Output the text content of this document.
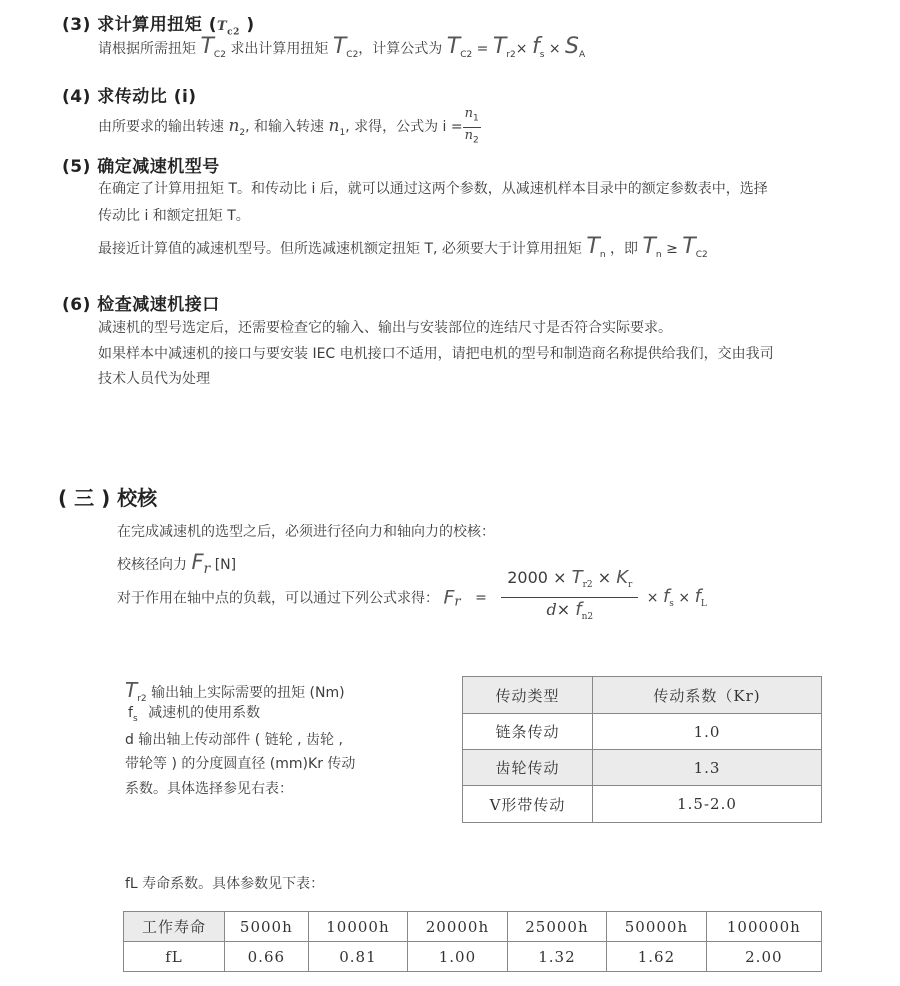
(3) 求计算用扭矩 ($T_{c2}$ )
请根据所需扭矩 $T_{C2}$ 求出计算用扭矩 $T_{C2}$，计算公式为 $T_{C2} = T_{r2}\times f_s \times S_A$
(4) 求传动比 (i)
由所要求的输出转速 $n_2$, 和输入转速 $n_1$, 求得，公式为 $i = \frac{n_1}{n_2}$
(5) 确定减速机型号
在确定了计算用扭矩 T。和传动比 i 后，就可以通过这两个参数，从减速机样本目录中的额定参数表中，选择
传动比 i 和额定扭矩 T。
最接近计算值的减速机型号。但所选减速机额定扭矩 T, 必须要大于计算用扭矩 $T_n$ ，即 $T_n \ge T_{C2}$
(6) 检查减速机接口
减速机的型号选定后，还需要检查它的输入、输出与安装部位的连结尺寸是否符合实际要求。
如果样本中减速机的接口与要安装 IEC 电机接口不适用，请把电机的型号和制造商名称提供给我们，交由我司
技术人员代为处理
( 三 ) 校核
在完成减速机的选型之后，必须进行径向力和轴向力的校核：
校核径向力 $F_r$ [N]
对于作用在轴中点的负载，可以通过下列公式求得： $F_r = \frac{2000 \times T_{r2} \times K_r}{d\times f_{n2}} \times f_s \times f_L$
$T_{r2}$ 输出轴上实际需要的扭矩 (Nm)
$f_s$ 减速机的使用系数
d 输出轴上传动部件 ( 链轮 , 齿轮 ,
带轮等 ) 的分度圆直径 (mm)Kr 传动
系数。具体选择参见右表：
传动类型	传动系数（Kr)
链条传动	1.0
齿轮传动	1.3
V形带传动	1.5-2.0
fL 寿命系数。具体参数见下表：
工作寿命	5000h	10000h	20000h	25000h	50000h	100000h
fL	0.66	0.81	1.00	1.32	1.62	2.00
